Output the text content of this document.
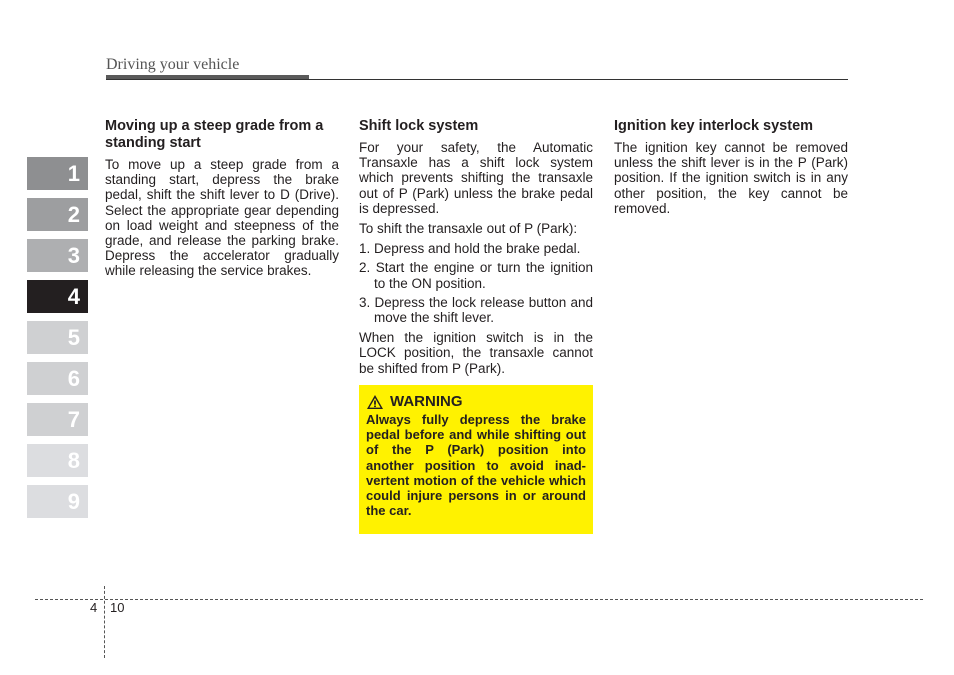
Driving your vehicle
1
2
3
4
5
6
7
8
9
Moving up a steep grade from a standing start

To move up a steep grade from a standing start, depress the brake pedal, shift the shift lever to D (Drive). Select the appropriate gear depending on load weight and steepness of the grade, and release the parking brake. Depress the accelerator gradually while releasing the service brakes.

Shift lock system

For your safety, the Automatic Transaxle has a shift lock system which prevents shifting the transaxle out of P (Park) unless the brake pedal is depressed.

To shift the transaxle out of P (Park):

1. Depress and hold the brake pedal.
2. Start the engine or turn the ignition to the ON position.
3. Depress the lock release button and move the shift lever.

When the ignition switch is in the LOCK position, the transaxle cannot be shifted from P (Park).

WARNING

Always fully depress the brake pedal before and while shifting out of the P (Park) position into another position to avoid inadvertent motion of the vehicle which could injure persons in or around the car.

Ignition key interlock system

The ignition key cannot be removed unless the shift lever is in the P (Park) position. If the ignition switch is in any other position, the key cannot be removed.

4 10
